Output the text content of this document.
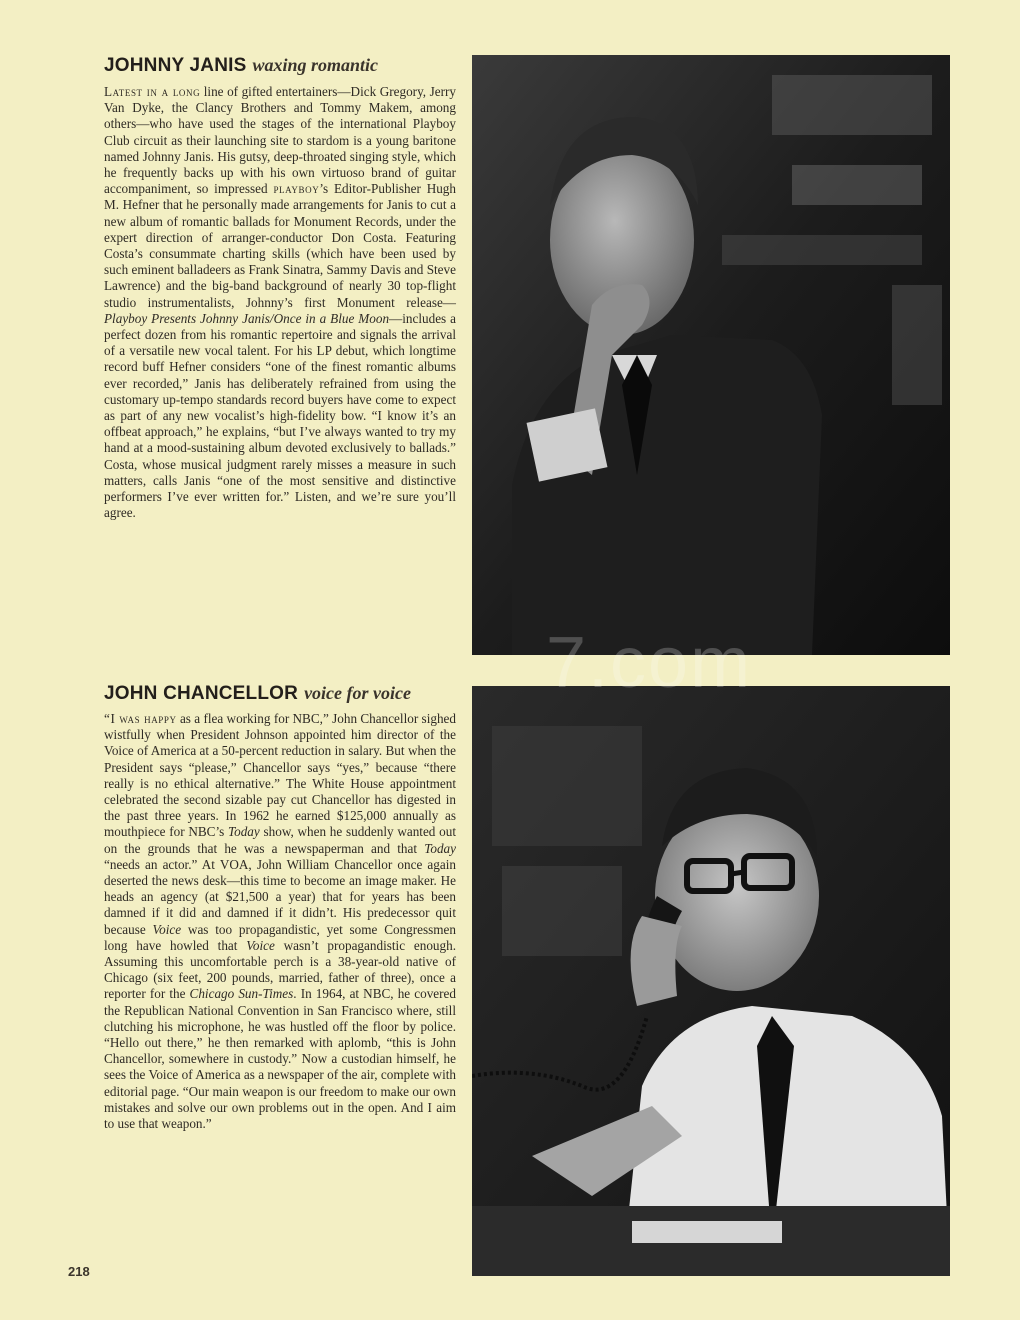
JOHNNY JANIS waxing romantic

Latest in a long line of gifted entertainers—Dick Gregory, Jerry Van Dyke, the Clancy Brothers and Tommy Makem, among others—who have used the stages of the international Playboy Club circuit as their launching site to stardom is a young baritone named Johnny Janis. His gutsy, deep-throated singing style, which he frequently backs up with his own virtuoso brand of guitar accompaniment, so impressed playboy’s Editor-Publisher Hugh M. Hefner that he personally made arrangements for Janis to cut a new album of romantic ballads for Monument Records, under the expert direction of arranger-conductor Don Costa. Featuring Costa’s consummate charting skills (which have been used by such eminent balladeers as Frank Sinatra, Sammy Davis and Steve Lawrence) and the big-band background of nearly 30 top-flight studio instrumentalists, Johnny’s first Monument release—Playboy Presents Johnny Janis/Once in a Blue Moon—includes a perfect dozen from his romantic repertoire and signals the arrival of a versatile new vocal talent. For his LP debut, which longtime record buff Hefner considers “one of the finest romantic albums ever recorded,” Janis has deliberately refrained from using the customary up-tempo standards record buyers have come to expect as part of any new vocalist’s high-fidelity bow. “I know it’s an offbeat approach,” he explains, “but I’ve always wanted to try my hand at a mood-sustaining album devoted exclusively to ballads.” Costa, whose musical judgment rarely misses a measure in such matters, calls Janis “one of the most sensitive and distinctive performers I’ve ever written for.” Listen, and we’re sure you’ll agree.

JOHN CHANCELLOR voice for voice

“I was happy as a flea working for NBC,” John Chancellor sighed wistfully when President Johnson appointed him director of the Voice of America at a 50-percent reduction in salary. But when the President says “please,” Chancellor says “yes,” because “there really is no ethical alternative.” The White House appointment celebrated the second sizable pay cut Chancellor has digested in the past three years. In 1962 he earned $125,000 annually as mouthpiece for NBC’s Today show, when he suddenly wanted out on the grounds that he was a newspaperman and that Today “needs an actor.” At VOA, John William Chancellor once again deserted the news desk—this time to become an image maker. He heads an agency (at $21,500 a year) that for years has been damned if it did and damned if it didn’t. His predecessor quit because Voice was too propagandistic, yet some Congressmen long have howled that Voice wasn’t propagandistic enough. Assuming this uncomfortable perch is a 38-year-old native of Chicago (six feet, 200 pounds, married, father of three), once a reporter for the Chicago Sun-Times. In 1964, at NBC, he covered the Republican National Convention in San Francisco where, still clutching his microphone, he was hustled off the floor by police. “Hello out there,” he then remarked with aplomb, “this is John Chancellor, somewhere in custody.” Now a custodian himself, he sees the Voice of America as a newspaper of the air, complete with editorial page. “Our main weapon is our freedom to make our own mistakes and solve our own problems out in the open. And I aim to use that weapon.”

7.com
218
